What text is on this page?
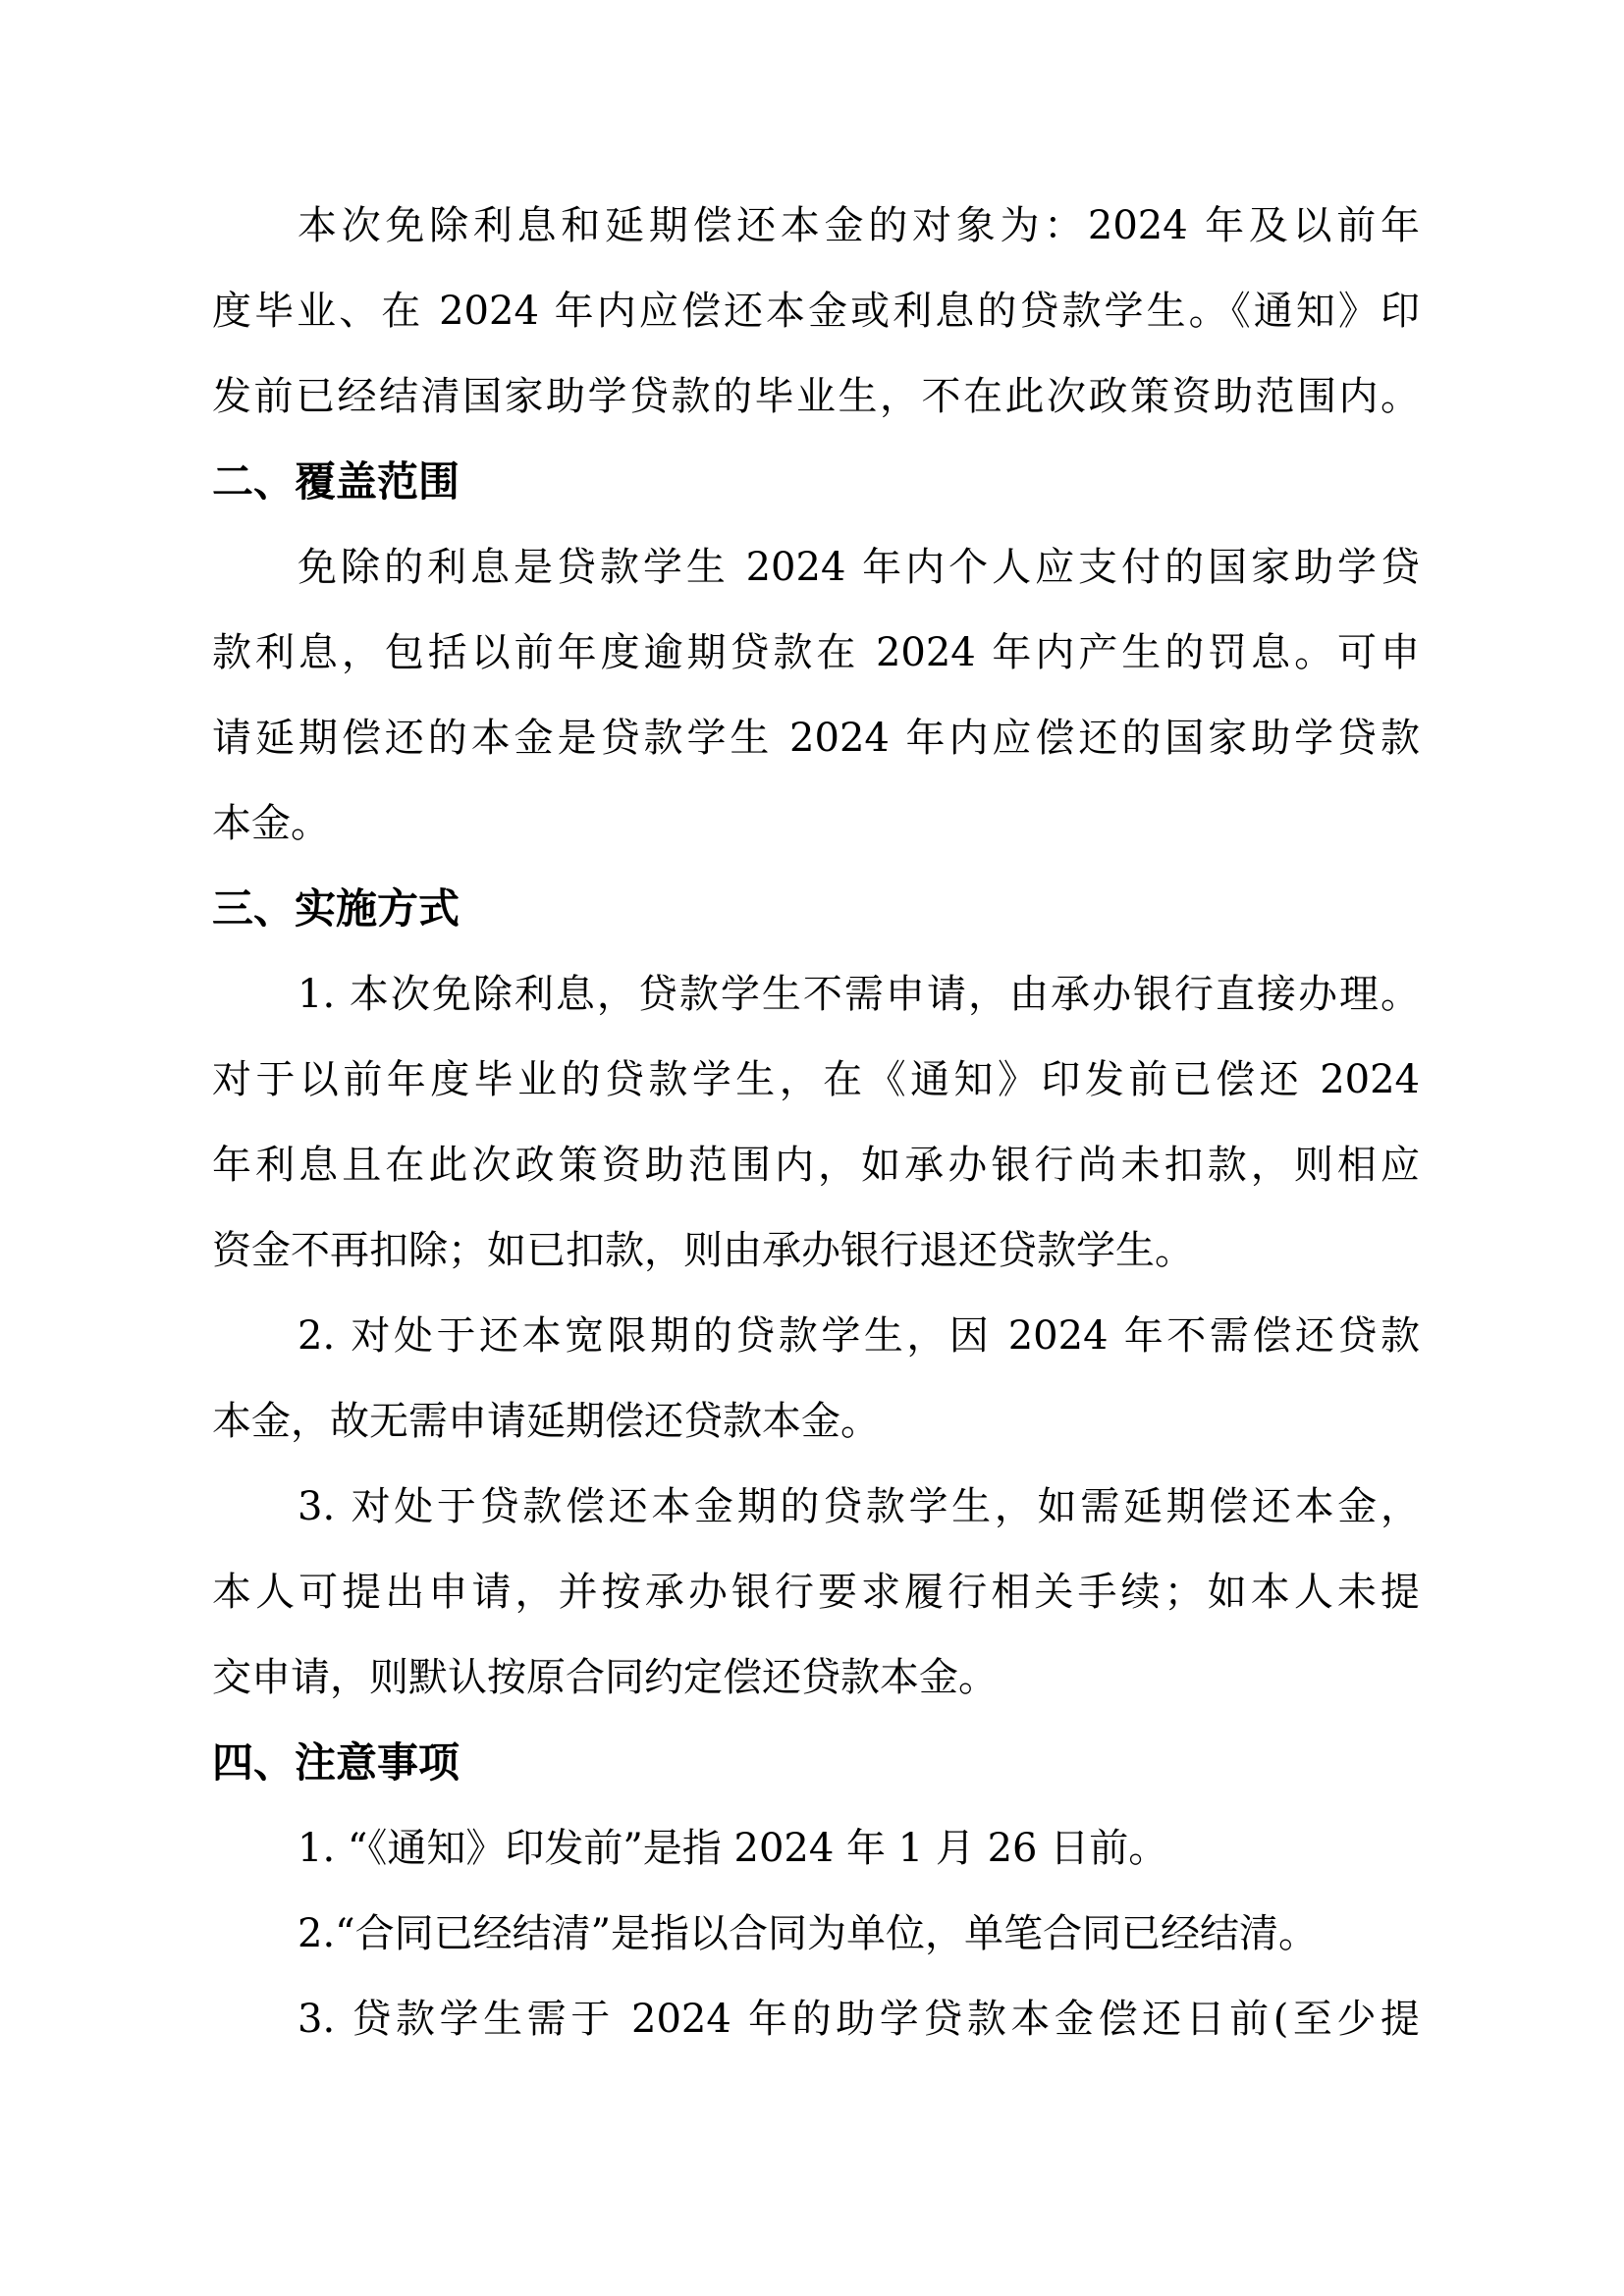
本次免除利息和延期偿还本金的对象为：2024 年及以前年
度毕业、在 2024 年内应偿还本金或利息的贷款学生。《通知》印
发前已经结清国家助学贷款的毕业生，不在此次政策资助范围内。
二、覆盖范围
免除的利息是贷款学生 2024 年内个人应支付的国家助学贷
款利息，包括以前年度逾期贷款在 2024 年内产生的罚息。可申
请延期偿还的本金是贷款学生 2024 年内应偿还的国家助学贷款
本金。
三、实施方式
1. 本次免除利息，贷款学生不需申请，由承办银行直接办理。
对于以前年度毕业的贷款学生，在《通知》印发前已偿还 2024
年利息且在此次政策资助范围内，如承办银行尚未扣款，则相应
资金不再扣除；如已扣款，则由承办银行退还贷款学生。
2. 对处于还本宽限期的贷款学生，因 2024 年不需偿还贷款
本金，故无需申请延期偿还贷款本金。
3. 对处于贷款偿还本金期的贷款学生，如需延期偿还本金，
本人可提出申请，并按承办银行要求履行相关手续；如本人未提
交申请，则默认按原合同约定偿还贷款本金。
四、注意事项
1. “《通知》印发前”是指 2024 年 1 月 26 日前。
2.“合同已经结清”是指以合同为单位，单笔合同已经结清。
3. 贷款学生需于 2024 年的助学贷款本金偿还日前(至少提
